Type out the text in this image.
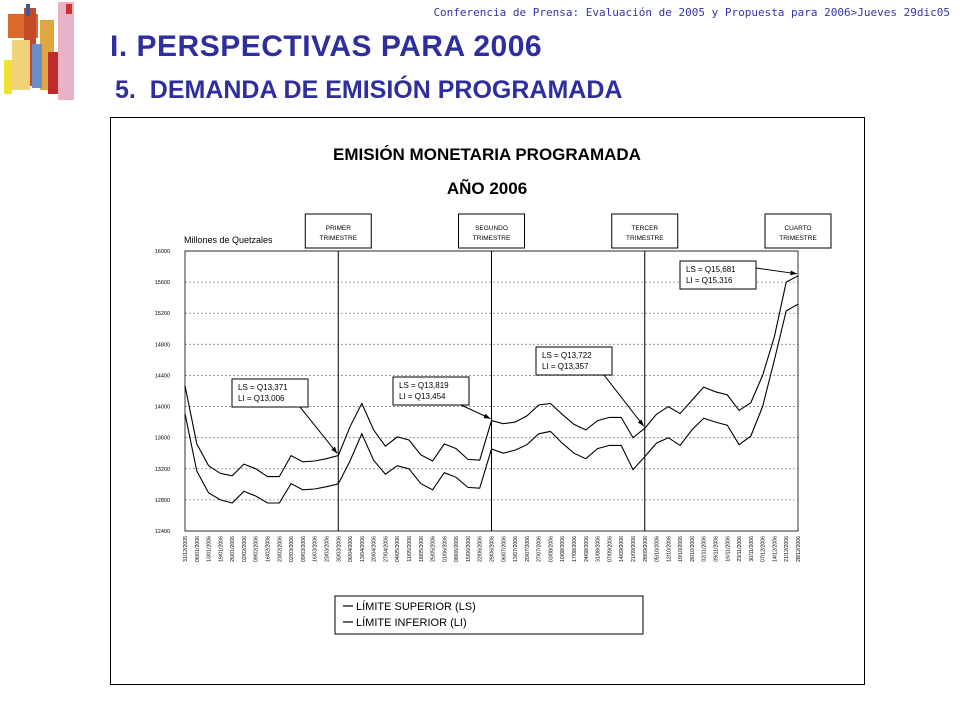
Conferencia de Prensa: Evaluación de 2005 y Propuesta para 2006>Jueves 29dic05
I. PERSPECTIVAS PARA 2006
5. DEMANDA DE EMISIÓN PROGRAMADA
EMISIÓN MONETARIA PROGRAMADA
AÑO 2006
Millones de Quetzales
12400
12800
13200
13600
14000
14400
14800
15200
15600
16000
31/12/2005 06/01/2006 13/01/2006 19/01/2006 26/01/2006 02/02/2006 09/02/2006 16/02/2006 23/02/2006 02/03/2006 09/03/2006 16/03/2006 23/03/2006 30/03/2006 06/04/2006 13/04/2006 20/04/2006 27/04/2006 04/05/2006 11/05/2006 18/05/2006 25/05/2006 01/06/2006 08/06/2006 15/06/2006 22/06/2006 29/06/2006 06/07/2006 13/07/2006 20/07/2006 27/07/2006 03/08/2006 10/08/2006 17/08/2006 24/08/2006 31/08/2006 07/09/2006 14/09/2006 21/09/2006 28/09/2006 05/10/2006 12/10/2006 19/10/2006 26/10/2006 02/11/2006 09/11/2006 16/11/2006 23/11/2006 30/11/2006 07/12/2006 14/12/2006 21/12/2006 28/12/2006
PRIMER
TRIMESTRE
SEGUNDO
TRIMESTRE
TERCER
TRIMESTRE
CUARTO
TRIMESTRE
LS = Q13,371
LI = Q13,006
LS = Q13,819
LI = Q13,454
LS = Q13,722
LI = Q13,357
LS = Q15,681
LI = Q15,316
LÍMITE SUPERIOR (LS)
LÍMITE INFERIOR (LI)
